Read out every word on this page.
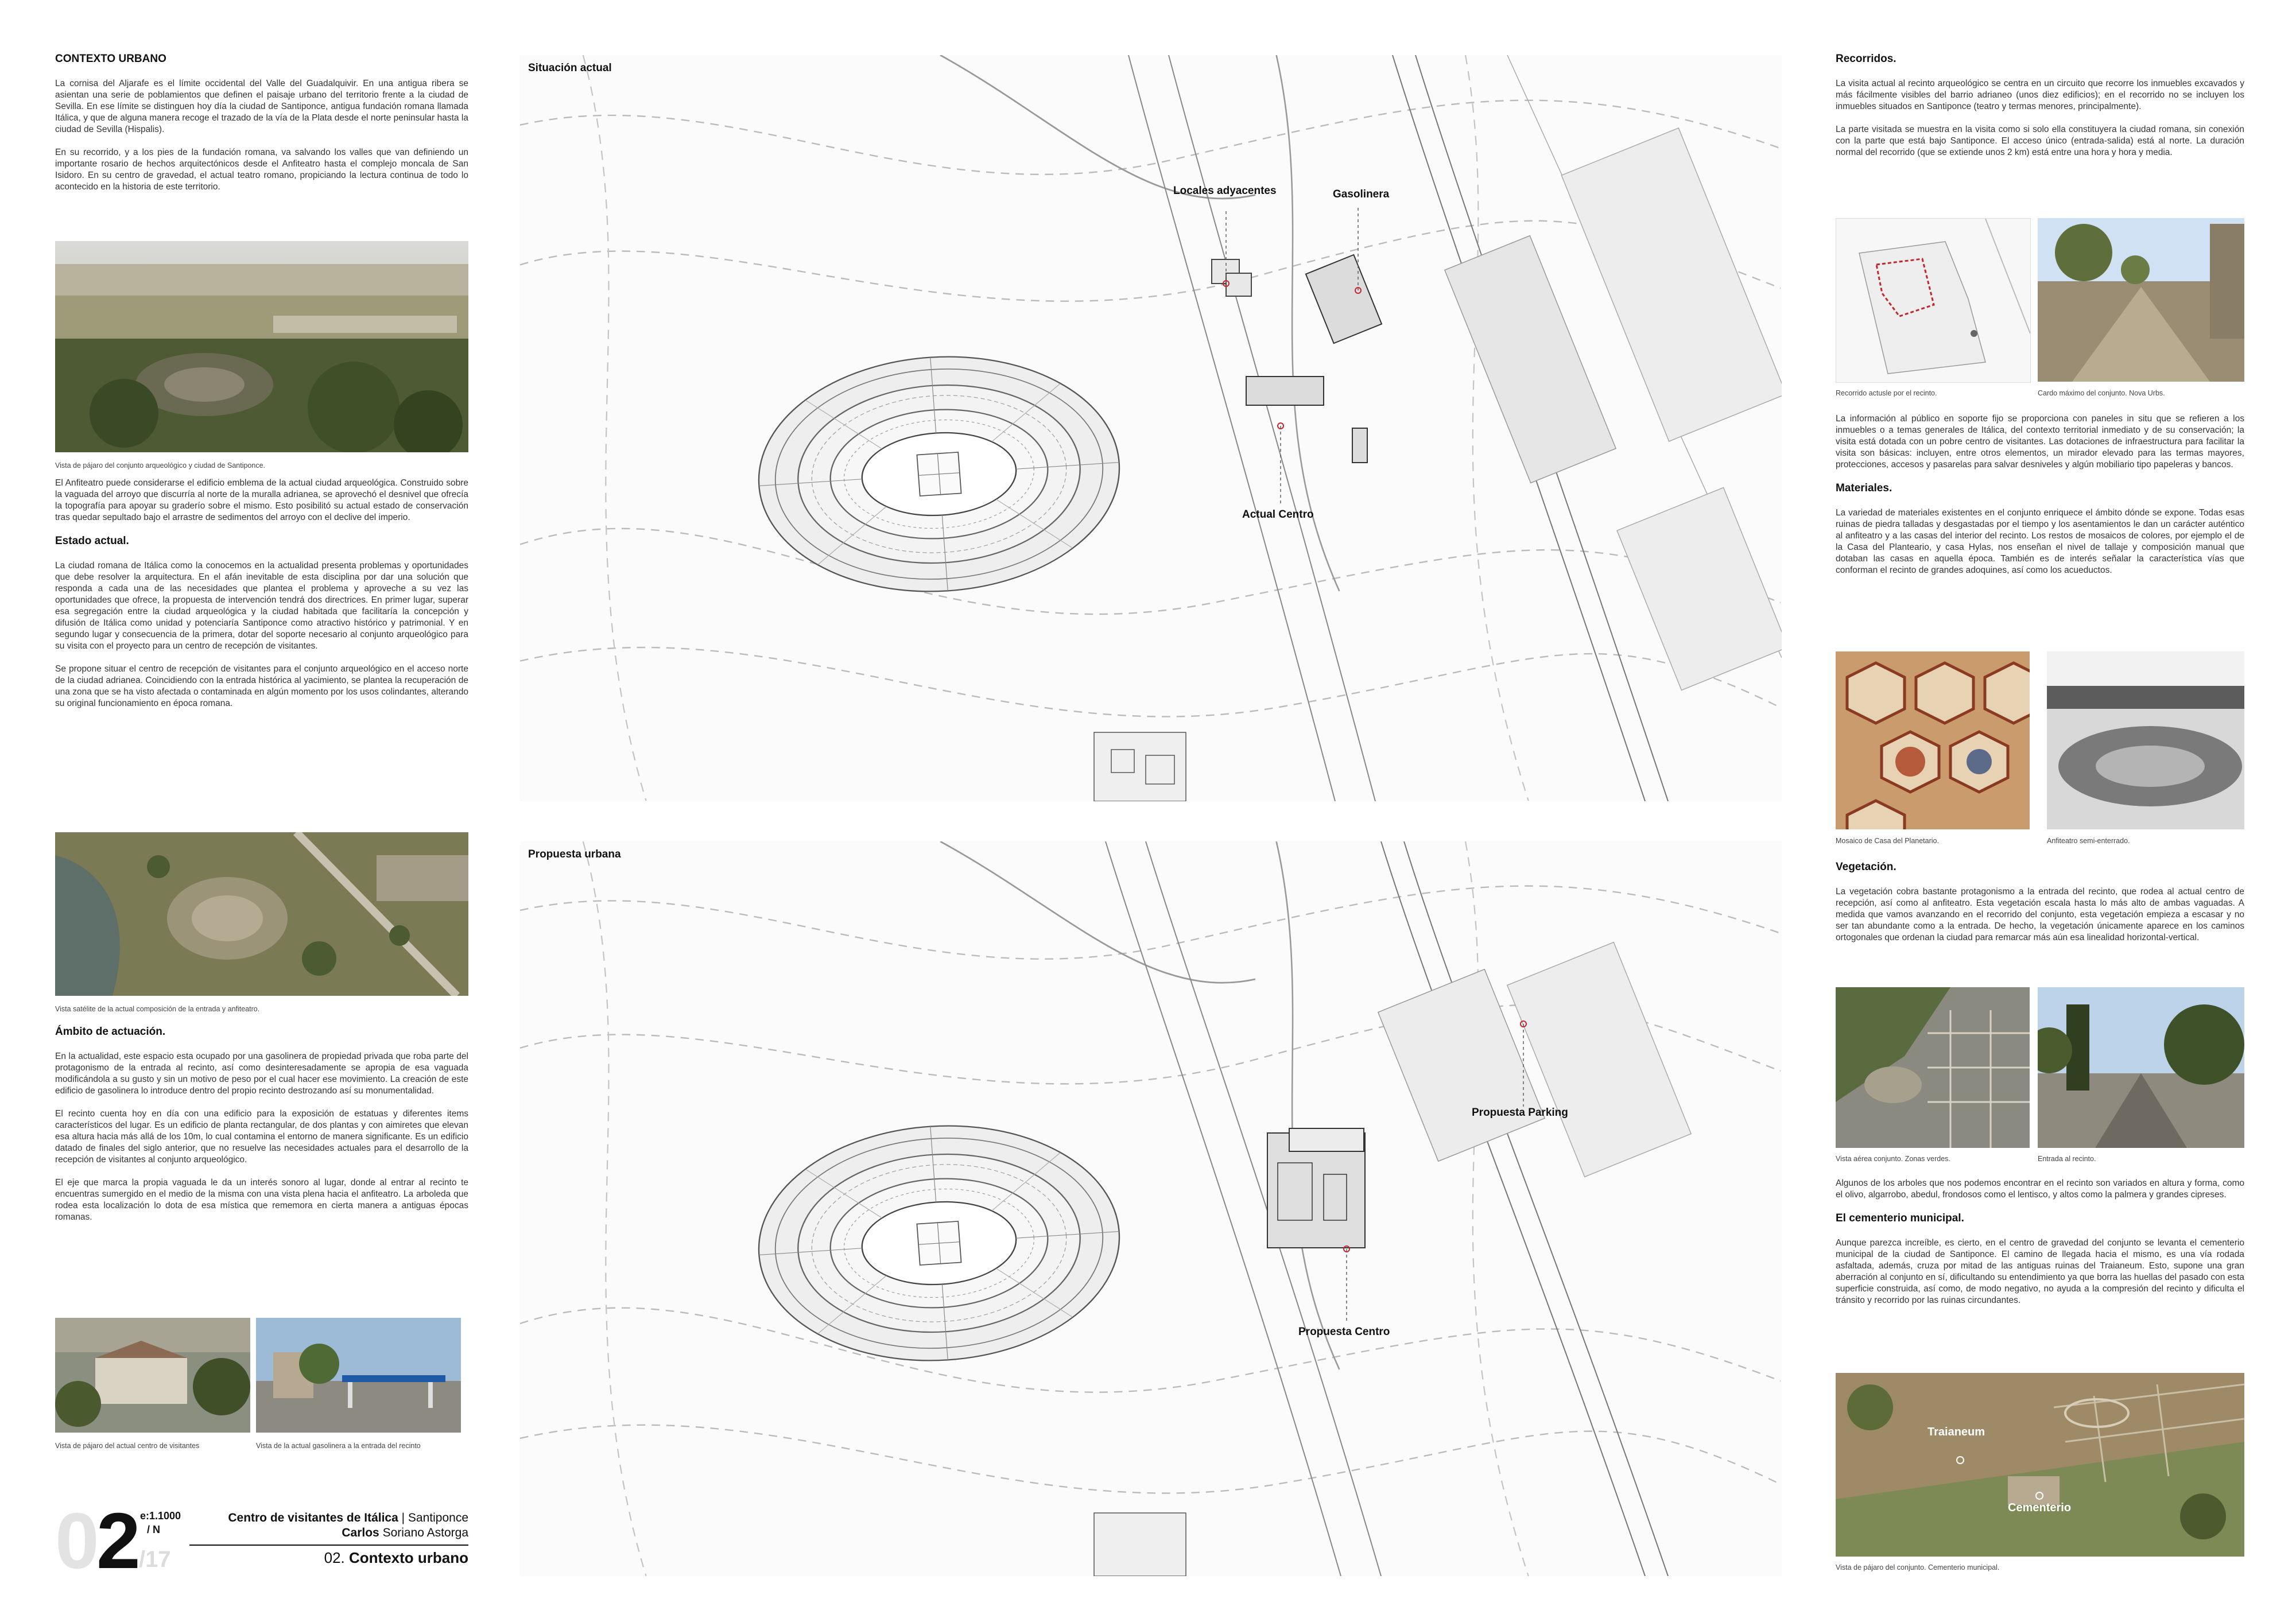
CONTEXTO URBANO

La cornisa del Aljarafe es el límite occidental del Valle del Guadalquivir. En una antigua ribera se asientan una serie de poblamientos que definen el paisaje urbano del territorio frente a la ciudad de Sevilla. En ese límite se distinguen hoy día la ciudad de Santiponce, antigua fundación romana llamada Itálica, y que de alguna manera recoge el trazado de la vía de la Plata desde el norte peninsular hasta la ciudad de Sevilla (Hispalis).

En su recorrido, y a los pies de la fundación romana, va salvando los valles que van definiendo un importante rosario de hechos arquitectónicos desde el Anfiteatro hasta el complejo moncala de San Isidoro. En su centro de gravedad, el actual teatro romano, propiciando la lectura continua de todo lo acontecido en la historia de este territorio.

Vista de pájaro del conjunto arqueológico y ciudad de Santiponce.

El Anfiteatro puede considerarse el edificio emblema de la actual ciudad arqueológica. Construido sobre la vaguada del arroyo que discurría al norte de la muralla adrianea, se aprovechó el desnivel que ofrecía la topografía para apoyar su graderío sobre el mismo. Esto posibilitó su actual estado de conservación tras quedar sepultado bajo el arrastre de sedimentos del arroyo con el declive del imperio.

Estado actual.

La ciudad romana de Itálica como la conocemos en la actualidad presenta problemas y oportunidades que debe resolver la arquitectura. En el afán inevitable de esta disciplina por dar una solución que responda a cada una de las necesidades que plantea el problema y aproveche a su vez las oportunidades que ofrece, la propuesta de intervención tendrá dos directrices. En primer lugar, superar esa segregación entre la ciudad arqueológica y la ciudad habitada que facilitaría la concepción y difusión de Itálica como unidad y potenciaría Santiponce como atractivo histórico y patrimonial. Y en segundo lugar y consecuencia de la primera, dotar del soporte necesario al conjunto arqueológico para su visita con el proyecto para un centro de recepción de visitantes.

Se propone situar el centro de recepción de visitantes para el conjunto arqueológico en el acceso norte de la ciudad adrianea. Coincidiendo con la entrada histórica al yacimiento, se plantea la recuperación de una zona que se ha visto afectada o contaminada en algún momento por los usos colindantes, alterando su original funcionamiento en época romana.

Vista satélite de la actual composición de la entrada y anfiteatro.
Ámbito de actuación.

En la actualidad, este espacio esta ocupado por una gasolinera de propiedad privada que roba parte del protagonismo de la entrada al recinto, así como desinteresadamente se apropia de esa vaguada modificándola a su gusto y sin un motivo de peso por el cual hacer ese movimiento. La creación de este edificio de gasolinera lo introduce dentro del propio recinto destrozando así su monumentalidad.

El recinto cuenta hoy en día con una edificio para la exposición de estatuas y diferentes items característicos del lugar. Es un edificio de planta rectangular, de dos plantas y con aimiretes que elevan esa altura hacia más allá de los 10m, lo cual contamina el entorno de manera significante. Es un edificio datado de finales del siglo anterior, que no resuelve las necesidades actuales para el desarrollo de la recepción de visitantes al conjunto arqueológico.

El eje que marca la propia vaguada le da un interés sonoro al lugar, donde al entrar al recinto te encuentras sumergido en el medio de la misma con una vista plena hacia el anfiteatro. La arboleda que rodea esta localización lo dota de esa mística que rememora en cierta manera a antiguas épocas romanas.

Vista de pájaro del actual centro de visitantes	Vista de la actual gasolinera a la entrada del recinto
0
2
/17
e:1.1000
/ N
Centro de visitantes de Itálica | Santiponce
Carlos Soriano Astorga
02. Contexto urbano
Situación actual
Locales adyacentes	Gasolinera
Actual Centro
Propuesta urbana
Propuesta Parking
Propuesta Centro
Recorridos.

La visita actual al recinto arqueológico se centra en un circuito que recorre los inmuebles excavados y más fácilmente visibles del barrio adrianeo (unos diez edificios); en el recorrido no se incluyen los inmuebles situados en Santiponce (teatro y termas menores, principalmente).

La parte visitada se muestra en la visita como si solo ella constituyera la ciudad romana, sin conexión con la parte que está bajo Santiponce. El acceso único (entrada-salida) está al norte. La duración normal del recorrido (que se extiende unos 2 km) está entre una hora y hora y media.

Recorrido actusle por el recinto.	Cardo máximo del conjunto. Nova Urbs.

La información al público en soporte fijo se proporciona con paneles in situ que se refieren a los inmuebles o a temas generales de Itálica, del contexto territorial inmediato y de su conservación; la visita está dotada con un pobre centro de visitantes. Las dotaciones de infraestructura para facilitar la visita son básicas: incluyen, entre otros elementos, un mirador elevado para las termas mayores, protecciones, accesos y pasarelas para salvar desniveles y algún mobiliario tipo papeleras y bancos.

Materiales.

La variedad de materiales existentes en el conjunto enriquece el ámbito dónde se expone. Todas esas ruinas de piedra talladas y desgastadas por el tiempo y los asentamientos le dan un carácter auténtico al anfiteatro y a las casas del interior del recinto. Los restos de mosaicos de colores, por ejemplo el de la Casa del Planteario, y casa Hylas, nos enseñan el nivel de tallaje y composición manual que dotaban las casas en aquella época. También es de interés señalar la característica vías que conforman el recinto de grandes adoquines, así como los acueductos.

Mosaico de Casa del Planetario.	Anfiteatro semi-enterrado.
Vegetación.

La vegetación cobra bastante protagonismo a la entrada del recinto, que rodea al actual centro de recepción, así como al anfiteatro. Esta vegetación escala hasta lo más alto de ambas vaguadas. A medida que vamos avanzando en el recorrido del conjunto, esta vegetación empieza a escasar y no ser tan abundante como a la entrada. De hecho, la vegetación únicamente aparece en los caminos ortogonales que ordenan la ciudad para remarcar más aún esa linealidad horizontal-vertical.

Vista aérea conjunto. Zonas verdes.	Entrada al recinto.

Algunos de los arboles que nos podemos encontrar en el recinto son variados en altura y forma, como el olivo, algarrobo, abedul, frondosos como el lentisco, y altos como la palmera y grandes cipreses.

El cementerio municipal.

Aunque parezca increíble, es cierto, en el centro de gravedad del conjunto se levanta el cementerio municipal de la ciudad de Santiponce. El camino de llegada hacia el mismo, es una vía rodada asfaltada, además, cruza por mitad de las antiguas ruinas del Traianeum. Esto, supone una gran aberración al conjunto en sí, dificultando su entendimiento ya que borra las huellas del pasado con esta superficie construida, así como, de modo negativo, no ayuda a la compresión del recinto y dificulta el tránsito y recorrido por las ruinas circundantes.

Traianeum
Cementerio
Vista de pájaro del conjunto. Cementerio municipal.
